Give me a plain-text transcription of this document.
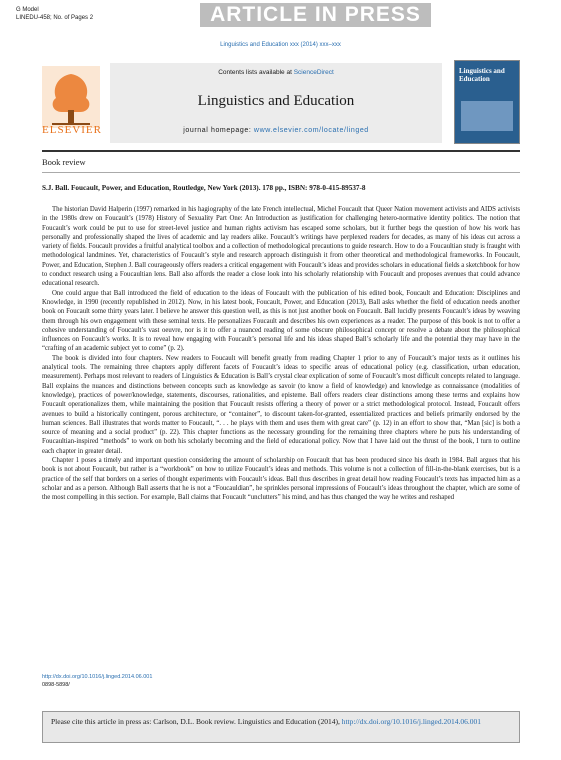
G Model
LINEDU-458; No. of Pages 2	ARTICLE IN PRESS
Linguistics and Education xxx (2014) xxx–xxx
ELSEVIER
Contents lists available at ScienceDirect
Linguistics and Education
journal homepage: www.elsevier.com/locate/linged
Linguistics and Education
Book review
S.J. Ball. Foucault, Power, and Education, Routledge, New York (2013). 178 pp., ISBN: 978-0-415-89537-8

The historian David Halperin (1997) remarked in his hagiography of the late French intellectual, Michel Foucault that Queer Nation movement activists and AIDS activists in the 1980s drew on Foucault’s (1978) History of Sexuality Part One: An Introduction as justification for challenging hetero-normative identity politics. The notion that Foucault’s work could be put to use for street-level justice and human rights activism has escaped some scholars, but it further begs the question of how his work has personally and professionally shaped the lives of academic and lay readers alike. Foucault’s writings have perplexed readers for decades, as many of his ideas cut across a variety of fields. Foucault provides a fruitful analytical toolbox and a collection of methodological precautions to guide research. How to do a Foucaultian study is fraught with methodological landmines. Yet, characteristics of Foucault’s style and research approach distinguish it from other theoretical and methodological frameworks. In Foucault, Power, and Education, Stephen J. Ball courageously offers readers a critical engagement with Foucault’s ideas and provides scholars in educational fields a sketchbook for how to conduct research using a Foucaultian lens. Ball also affords the reader a close look into his scholarly relationship with Foucault and proposes avenues that could advance educational research.

One could argue that Ball introduced the field of education to the ideas of Foucault with the publication of his edited book, Foucault and Education: Disciplines and Knowledge, in 1990 (recently republished in 2012). Now, in his latest book, Foucault, Power, and Education (2013), Ball asks whether the field of education needs another book on Foucault some thirty years later. I believe he answer this question well, as this is not just another book on Foucault. Ball lucidly presents Foucault’s ideas by weaving them through his own engagement with these seminal texts. He personalizes Foucault and describes his own experiences as a reader. The purpose of this book is not to offer a cohesive understanding of Foucault’s vast oeuvre, nor is it to offer a nuanced reading of some obscure philosophical concept or resolve a debate about the philosophical influences on Foucault’s works. It is to reveal how engaging with Foucault’s personal life and his ideas shaped Ball’s scholarly life and the potential they may have in the “crafting of an academic subject yet to come” (p. 2).

The book is divided into four chapters. New readers to Foucault will benefit greatly from reading Chapter 1 prior to any of Foucault’s major texts as it outlines his analytical tools. The remaining three chapters apply different facets of Foucault’s ideas to specific areas of educational policy (e.g. classification, urban education, measurement). Perhaps most relevant to readers of Linguistics & Education is Ball’s crystal clear explication of some of Foucault’s most difficult concepts related to language. Ball explains the nuances and distinctions between concepts such as knowledge as savoir (to know a field of knowledge) and knowledge as connaissance (modalities of knowledge), practices of power/knowledge, statements, discourses, rationalities, and episteme. Ball offers readers clear distinctions among these terms and explains how Foucault operationalizes them, while maintaining the position that Foucault resists offering a theory of power or a strict methodological protocol. Instead, Foucault offers avenues to build a historically contingent, porous architecture, or “container”, to discount taken-for-granted, essentialized practices and beliefs primarily endorsed by the human sciences. Ball illustrates that words matter to Foucault, “. . . he plays with them and uses them with great care” (p. 12) in an effort to show that, “Man [sic] is both a source of meaning and a social product” (p. 22). This chapter functions as the necessary grounding for the remaining three chapters where he puts his understanding of Foucaultian-inspired “methods” to work on both his scholarly becoming and the field of educational policy. Now that I have laid out the thrust of the book, I turn to outline each chapter in greater detail.

Chapter 1 poses a timely and important question considering the amount of scholarship on Foucault that has been produced since his death in 1984. Ball argues that his book is not about Foucault, but rather is a “workbook” on how to utilize Foucault’s ideas and methods. This volume is not a collection of fill-in-the-blank exercises, but is a practice of the self that borders on a series of thought experiments with Foucault’s ideas. Ball thus describes in great detail how reading Foucault’s texts has impacted him as a scholar and as a person. Although Ball asserts that he is not a “Foucauldian”, he sprinkles personal impressions of Foucault’s ideas throughout the chapter, which are some of the most compelling in this section. For example, Ball claims that Foucault “unclutters” his mind, and has thus changed the way he writes and reshaped

http://dx.doi.org/10.1016/j.linged.2014.06.001
0898-5898/
Please cite this article in press as: Carlson, D.L. Book review. Linguistics and Education (2014), http://dx.doi.org/10.1016/j.linged.2014.06.001
